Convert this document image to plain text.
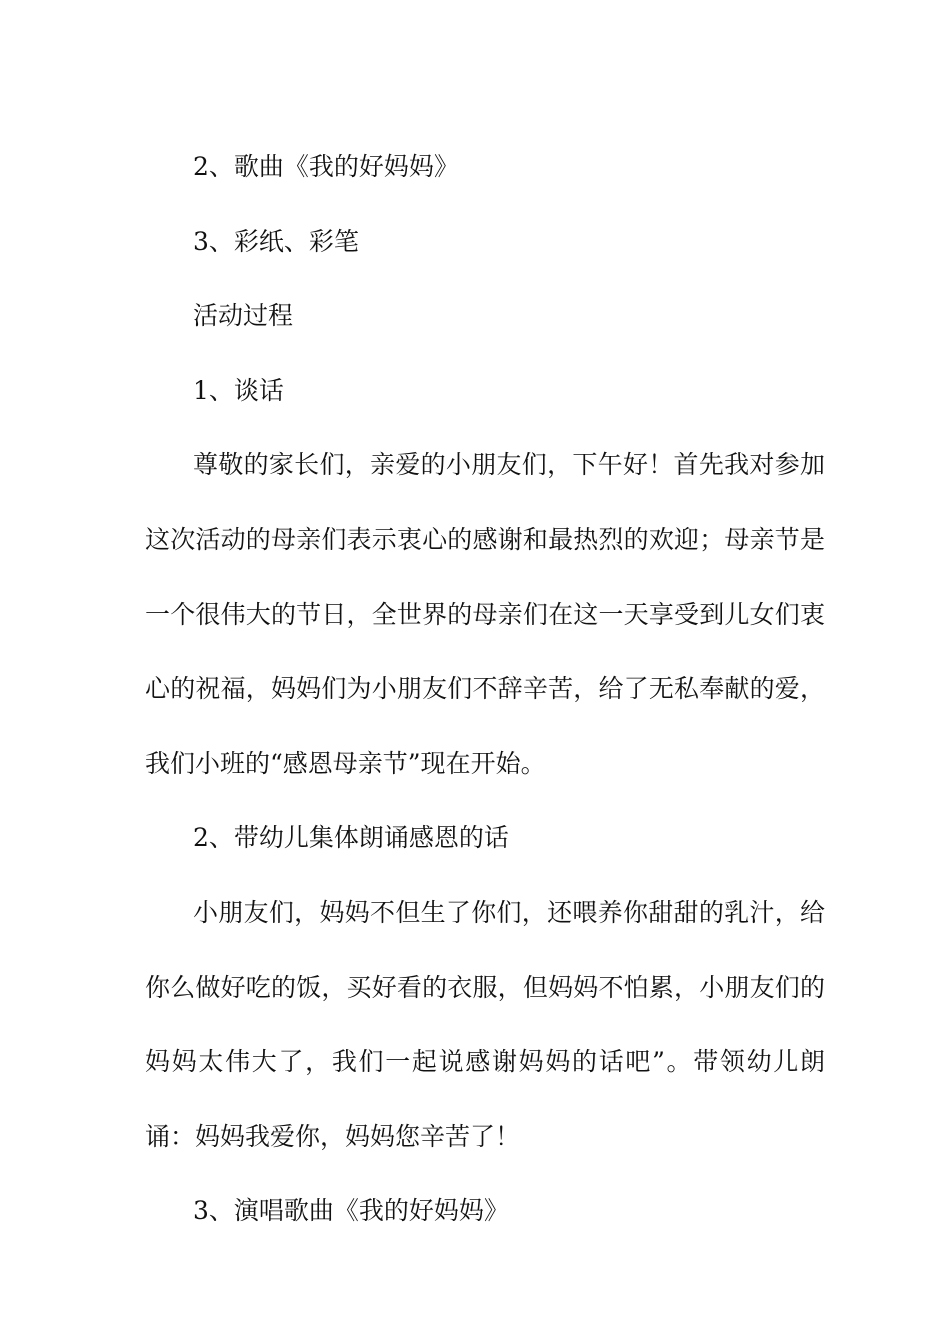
2、歌曲《我的好妈妈》

3、彩纸、彩笔

活动过程

1、谈话

尊敬的家长们，亲爱的小朋友们，下午好！首先我对参加这次活动的母亲们表示衷心的感谢和最热烈的欢迎；母亲节是一个很伟大的节日，全世界的母亲们在这一天享受到儿女们衷心的祝福，妈妈们为小朋友们不辞辛苦，给了无私奉献的爱，我们小班的“感恩母亲节”现在开始。

2、带幼儿集体朗诵感恩的话

小朋友们，妈妈不但生了你们，还喂养你甜甜的乳汁，给你么做好吃的饭，买好看的衣服，但妈妈不怕累，小朋友们的妈妈太伟大了，我们一起说感谢妈妈的话吧”。带领幼儿朗诵：妈妈我爱你，妈妈您辛苦了！

3、演唱歌曲《我的好妈妈》
